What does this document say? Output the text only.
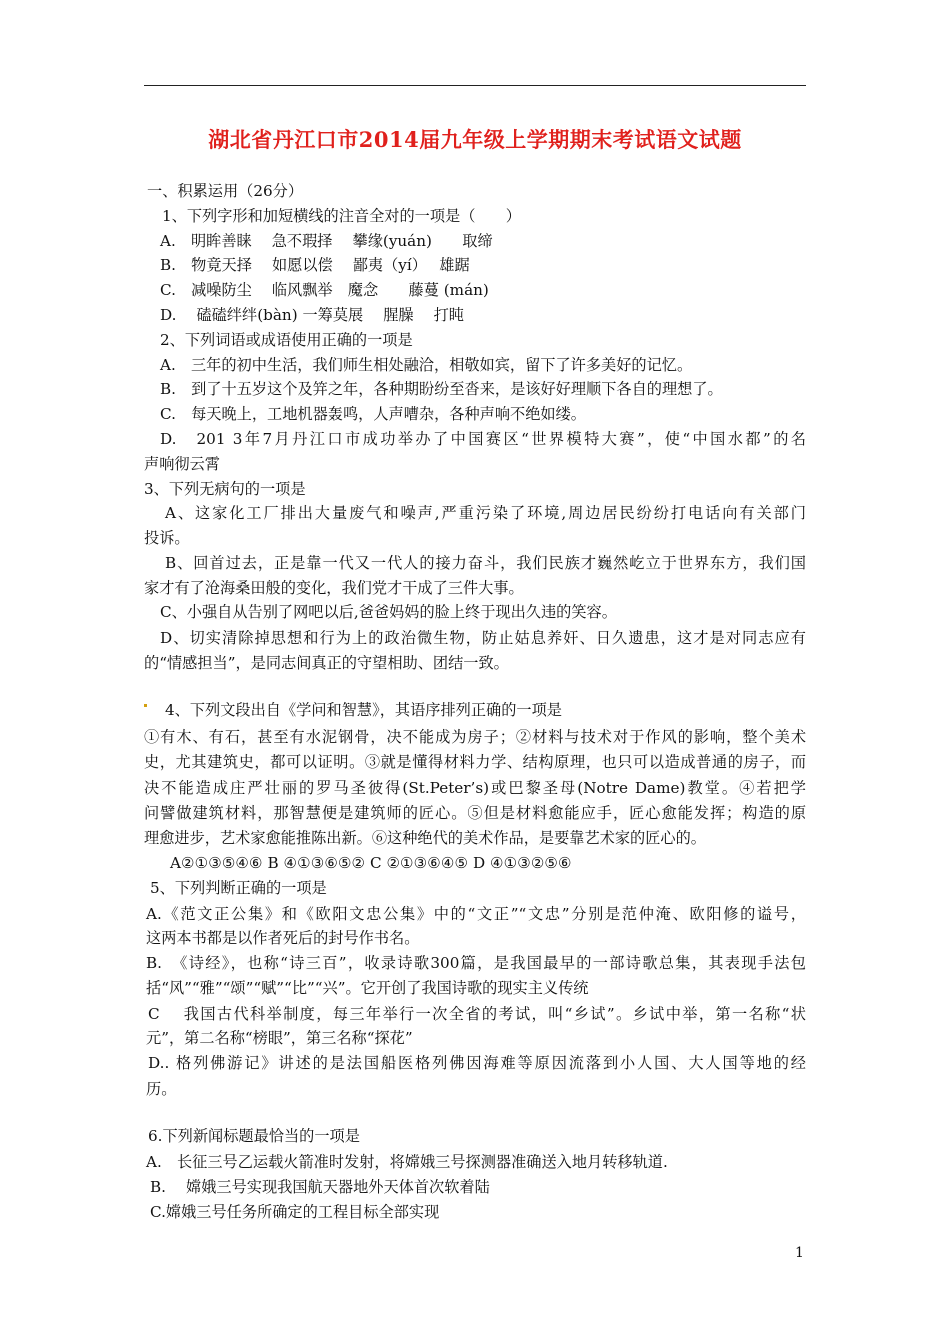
湖北省丹江口市2014届九年级上学期期末考试语文试题
一、积累运用（26分）
1、下列字形和加短横线的注音全对的一项是（　　）
A.　明眸善睐　 急不瑕择　 攀缘(yuán)　　取缔
B.　物竟天择　 如愿以偿　 鄙夷（yí）　 雄踞
C.　减噪防尘　 临风飘举　魔念　　藤蔓 (mán)
D.　 磕磕绊绊(bàn) 一筹莫展　 腥臊　 打盹
2、下列词语或成语使用正确的一项是
A.　三年的初中生活，我们师生相处融洽，相敬如宾，留下了许多美好的记忆。
B.　到了十五岁这个及笄之年，各种期盼纷至沓来，是该好好理顺下各自的理想了。
C.　每天晚上，工地机器轰鸣，人声嘈杂，各种声响不绝如缕。
D.　201 3年7月丹江口市成功举办了中国赛区“世界模特大赛”，使“中国水都”的名
声响彻云霄
3、下列无病句的一项是
A、这家化工厂排出大量废气和噪声,严重污染了环境,周边居民纷纷打电话向有关部门
投诉。
B、回首过去，正是靠一代又一代人的接力奋斗，我们民族才巍然屹立于世界东方，我们国
家才有了沧海桑田般的变化，我们党才干成了三件大事。
C、小强自从告别了网吧以后,爸爸妈妈的脸上终于现出久违的笑容。
D、切实清除掉思想和行为上的政治微生物，防止姑息养奸、日久遗患，这才是对同志应有
的“情感担当”，是同志间真正的守望相助、团结一致。
4、下列文段出自《学问和智慧》，其语序排列正确的一项是
①有木、有石，甚至有水泥钢骨，决不能成为房子；②材料与技术对于作风的影响，整个美术
史，尤其建筑史，都可以证明。③就是懂得材料力学、结构原理，也只可以造成普通的房子，而
决不能造成庄严壮丽的罗马圣彼得(St.Peter’s)或巴黎圣母(Notre Dame)教堂。④若把学
问譬做建筑材料，那智慧便是建筑师的匠心。⑤但是材料愈能应手，匠心愈能发挥；构造的原
理愈进步，艺术家愈能推陈出新。⑥这种绝代的美术作品，是要靠艺术家的匠心的。
A②①③⑤④⑥ B ④①③⑥⑤② C ②①③⑥④⑤ D ④①③②⑤⑥
5、下列判断正确的一项是
A.《范文正公集》和《欧阳文忠公集》中的“文正”“文忠”分别是范仲淹、欧阳修的谥号，
这两本书都是以作者死后的封号作书名。
B.　《诗经》，也称“诗三百”，收录诗歌300篇，是我国最早的一部诗歌总集，其表现手法包
括“风”“雅”“颂”“赋”“比”“兴”。它开创了我国诗歌的现实主义传统
C　 我国古代科举制度，每三年举行一次全省的考试，叫“乡试”。乡试中举，第一名称“状
元”，第二名称“榜眼”，第三名称“探花”
D.. 格列佛游记》讲述的是法国船医格列佛因海难等原因流落到小人国、大人国等地的经
历。
6.下列新闻标题最恰当的一项是
A.　长征三号乙运载火箭准时发射，将嫦娥三号探测器准确送入地月转移轨道.
B.　 嫦娥三号实现我国航天器地外天体首次软着陆
C.嫦娥三号任务所确定的工程目标全部实现
1
